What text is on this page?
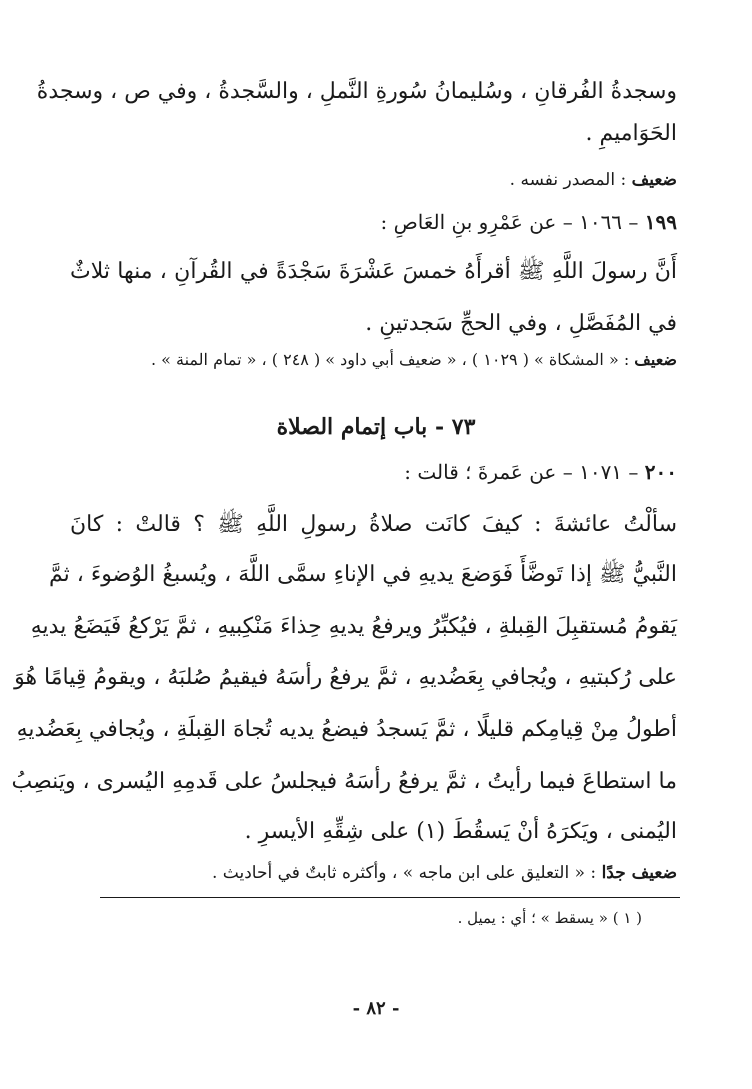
وسجدةُ الفُرقانِ ، وسُليمانُ سُورةِ النَّملِ ، والسَّجدةُ ، وفي ص ، وسجدةُ
الحَوَاميمِ .
ضعيف : المصدر نفسه .
١٩٩ – ١٠٦٦ – عن عَمْرِو بنِ العَاصِ :
أَنَّ رسولَ اللَّهِ ﷺ أقرأَهُ خمسَ عَشْرَةَ سَجْدَةً في القُرآنِ ، منها ثلاثٌ
في المُفَصَّلِ ، وفي الحجِّ سَجدتينِ .
ضعيف : « المشكاة » ( ١٠٢٩ ) ، « ضعيف أبي داود » ( ٢٤٨ ) ، « تمام المنة » .
٧٣ - باب إتمام الصلاة
٢٠٠ – ١٠٧١ – عن عَمرةَ ؛ قالت :
سألْتُ عائشةَ : كيفَ كانَت صلاةُ رسولِ اللَّهِ ﷺ ؟ قالتْ : كانَ
النَّبيُّ ﷺ إذا تَوضَّأَ فَوَضعَ يديهِ في الإناءِ سمَّى اللَّهَ ، ويُسبغُ الوُضوءَ ، ثمَّ
يَقومُ مُستقبِلَ القِبلةِ ، فيُكبِّرُ ويرفعُ يديهِ حِذاءَ مَنْكِبيهِ ، ثمَّ يَرْكعُ فَيَضَعُ يديهِ
على رُكبتيهِ ، ويُجافي بِعَضُديهِ ، ثمَّ يرفعُ رأسَهُ فيقيمُ صُلبَهُ ، ويقومُ قِيامًا هُوَ
أطولُ مِنْ قِيامِكم قليلًا ، ثمَّ يَسجدُ فيضعُ يديه تُجاهَ القِبلَةِ ، ويُجافي بِعَضُديهِ
ما استطاعَ فيما رأيتُ ، ثمَّ يرفعُ رأسَهُ فيجلسُ على قَدمِهِ اليُسرى ، ويَنصِبُ
اليُمنى ، ويَكرَهُ أنْ يَسقُطَ (١) على شِقِّهِ الأيسرِ .
ضعيف جدًا : « التعليق على ابن ماجه » ، وأكثره ثابتٌ في أحاديث .
( ١ ) « يسقط » ؛ أي : يميل .
- ٨٢ -
